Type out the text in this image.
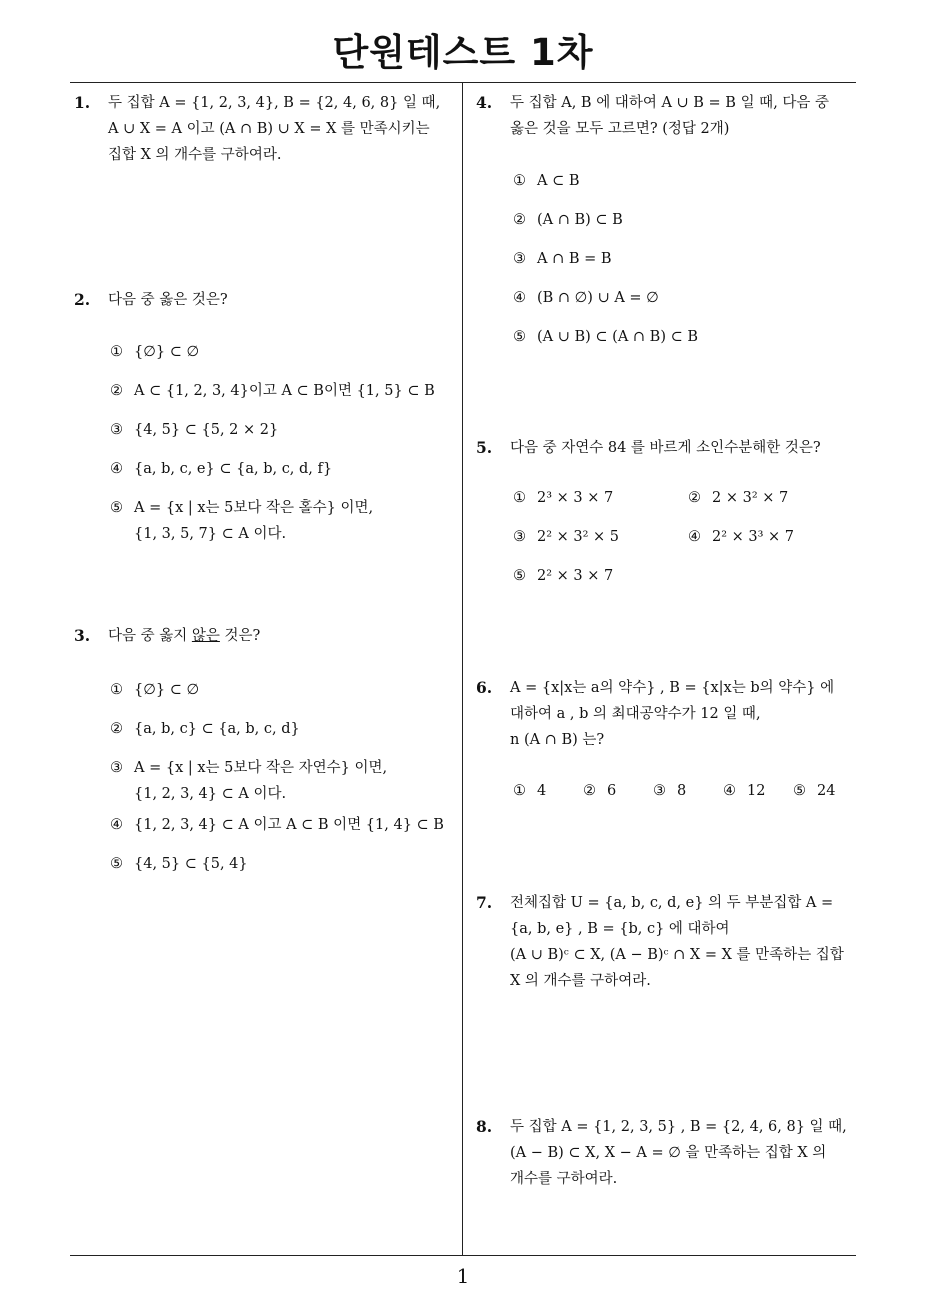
단원테스트 1차
1
1. 두 집합 A = {1, 2, 3, 4}, B = {2, 4, 6, 8} 일 때,
A ∪ X = A 이고 (A ∩ B) ∪ X = X 를 만족시키는
집합 X 의 개수를 구하여라.
2. 다음 중 옳은 것은?
① {∅} ⊂ ∅
② A ⊂ {1, 2, 3, 4}이고 A ⊂ B이면 {1, 5} ⊂ B
③ {4, 5} ⊂ {5, 2 × 2}
④ {a, b, c, e} ⊂ {a, b, c, d, f}
⑤ A = {x | x는 5보다 작은 홀수} 이면,
{1, 3, 5, 7} ⊂ A 이다.
3. 다음 중 옳지 않은 것은?
① {∅} ⊂ ∅
② {a, b, c} ⊂ {a, b, c, d}
③ A = {x | x는 5보다 작은 자연수} 이면,
{1, 2, 3, 4} ⊂ A 이다.
④ {1, 2, 3, 4} ⊂ A 이고 A ⊂ B 이면 {1, 4} ⊂ B
⑤ {4, 5} ⊂ {5, 4}
4. 두 집합 A, B 에 대하여 A ∪ B = B 일 때, 다음 중
옳은 것을 모두 고르면? (정답 2개)
① A ⊂ B
② (A ∩ B) ⊂ B
③ A ∩ B = B
④ (B ∩ ∅) ∪ A = ∅
⑤ (A ∪ B) ⊂ (A ∩ B) ⊂ B
5. 다음 중 자연수 84 를 바르게 소인수분해한 것은?
① 2³ × 3 × 7	② 2 × 3² × 7
③ 2² × 3² × 5	④ 2² × 3³ × 7
⑤ 2² × 3 × 7
6. A = {x|x는 a의 약수} , B = {x|x는 b의 약수} 에
대하여 a , b 의 최대공약수가 12 일 때,
n (A ∩ B) 는?
① 4	② 6	③ 8	④ 12 ⑤ 24
7. 전체집합 U = {a, b, c, d, e} 의 두 부분집합 A =
{a, b, e} , B = {b, c} 에 대하여
(A ∪ B)ᶜ ⊂ X, (A − B)ᶜ ∩ X = X 를 만족하는 집합
X 의 개수를 구하여라.
8. 두 집합 A = {1, 2, 3, 5} , B = {2, 4, 6, 8} 일 때,
(A − B) ⊂ X, X − A = ∅ 을 만족하는 집합 X 의
개수를 구하여라.
